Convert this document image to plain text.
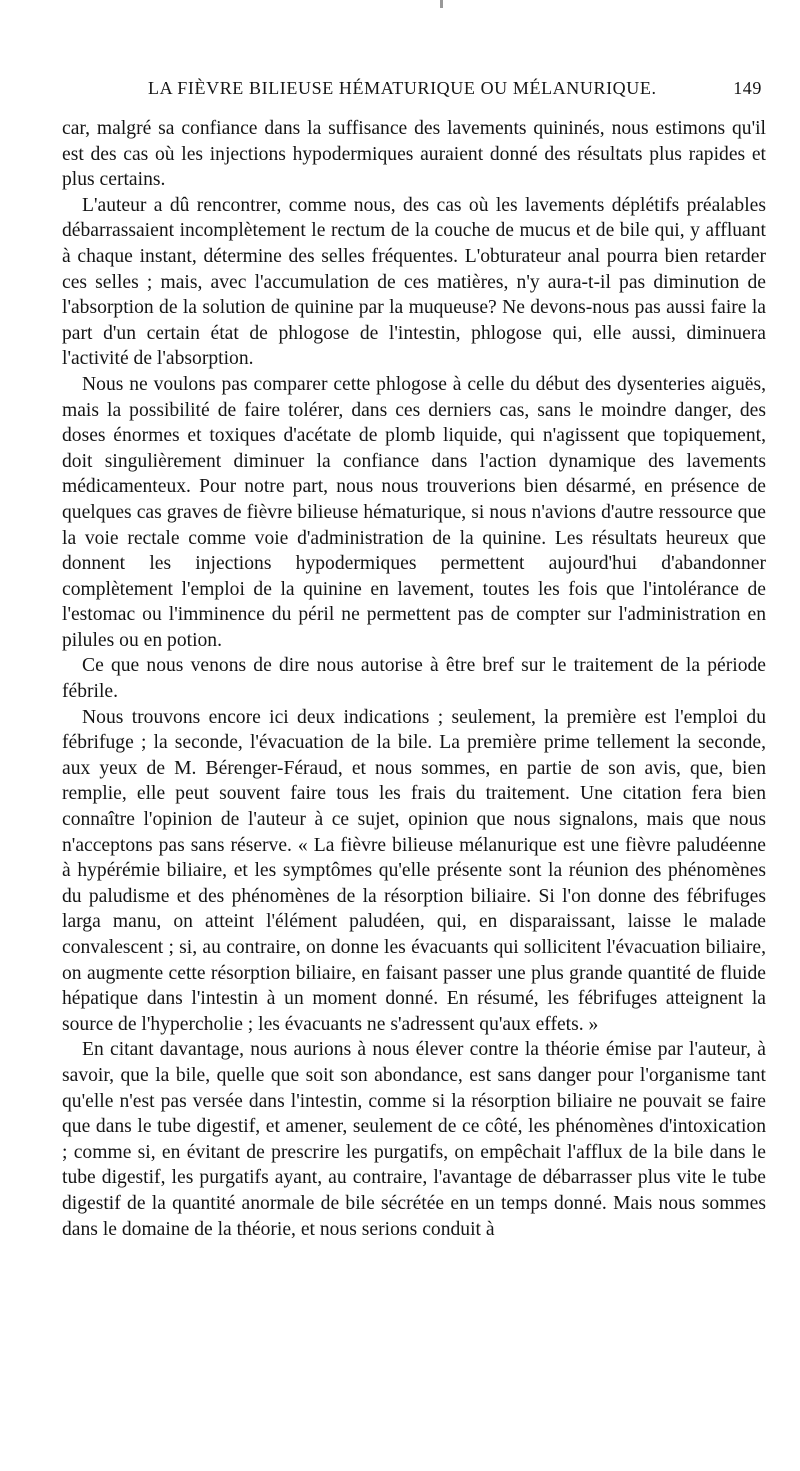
LA FIÈVRE BILIEUSE HÉMATURIQUE OU MÉLANURIQUE.	149

car, malgré sa confiance dans la suffisance des lavements quininés, nous estimons qu'il est des cas où les injections hypodermiques auraient donné des résultats plus rapides et plus certains.

L'auteur a dû rencontrer, comme nous, des cas où les lavements déplétifs préalables débarrassaient incomplètement le rectum de la couche de mucus et de bile qui, y affluant à chaque instant, détermine des selles fréquentes. L'obturateur anal pourra bien retarder ces selles ; mais, avec l'accumulation de ces matières, n'y aura-t-il pas diminution de l'absorption de la solution de quinine par la muqueuse? Ne devons-nous pas aussi faire la part d'un certain état de phlogose de l'intestin, phlogose qui, elle aussi, diminuera l'activité de l'absorption.

Nous ne voulons pas comparer cette phlogose à celle du début des dysenteries aiguës, mais la possibilité de faire tolérer, dans ces derniers cas, sans le moindre danger, des doses énormes et toxiques d'acétate de plomb liquide, qui n'agissent que topiquement, doit singulièrement diminuer la confiance dans l'action dynamique des lavements médicamenteux. Pour notre part, nous nous trouverions bien désarmé, en présence de quelques cas graves de fièvre bilieuse hématurique, si nous n'avions d'autre ressource que la voie rectale comme voie d'administration de la quinine. Les résultats heureux que donnent les injections hypodermiques permettent aujourd'hui d'abandonner complètement l'emploi de la quinine en lavement, toutes les fois que l'intolérance de l'estomac ou l'imminence du péril ne permettent pas de compter sur l'administration en pilules ou en potion.

Ce que nous venons de dire nous autorise à être bref sur le traitement de la période fébrile.

Nous trouvons encore ici deux indications ; seulement, la première est l'emploi du fébrifuge ; la seconde, l'évacuation de la bile. La première prime tellement la seconde, aux yeux de M. Bérenger-Féraud, et nous sommes, en partie de son avis, que, bien remplie, elle peut souvent faire tous les frais du traitement. Une citation fera bien connaître l'opinion de l'auteur à ce sujet, opinion que nous signalons, mais que nous n'acceptons pas sans réserve. « La fièvre bilieuse mélanurique est une fièvre paludéenne à hypérémie biliaire, et les symptômes qu'elle présente sont la réunion des phénomènes du paludisme et des phénomènes de la résorption biliaire. Si l'on donne des fébrifuges larga manu, on atteint l'élément paludéen, qui, en disparaissant, laisse le malade convalescent ; si, au contraire, on donne les évacuants qui sollicitent l'évacuation biliaire, on augmente cette résorption biliaire, en faisant passer une plus grande quantité de fluide hépatique dans l'intestin à un moment donné. En résumé, les fébrifuges atteignent la source de l'hypercholie ; les évacuants ne s'adressent qu'aux effets. »

En citant davantage, nous aurions à nous élever contre la théorie émise par l'auteur, à savoir, que la bile, quelle que soit son abondance, est sans danger pour l'organisme tant qu'elle n'est pas versée dans l'intestin, comme si la résorption biliaire ne pouvait se faire que dans le tube digestif, et amener, seulement de ce côté, les phénomènes d'intoxication ; comme si, en évitant de prescrire les purgatifs, on empêchait l'afflux de la bile dans le tube digestif, les purgatifs ayant, au contraire, l'avantage de débarrasser plus vite le tube digestif de la quantité anormale de bile sécrétée en un temps donné. Mais nous sommes dans le domaine de la théorie, et nous serions conduit à
